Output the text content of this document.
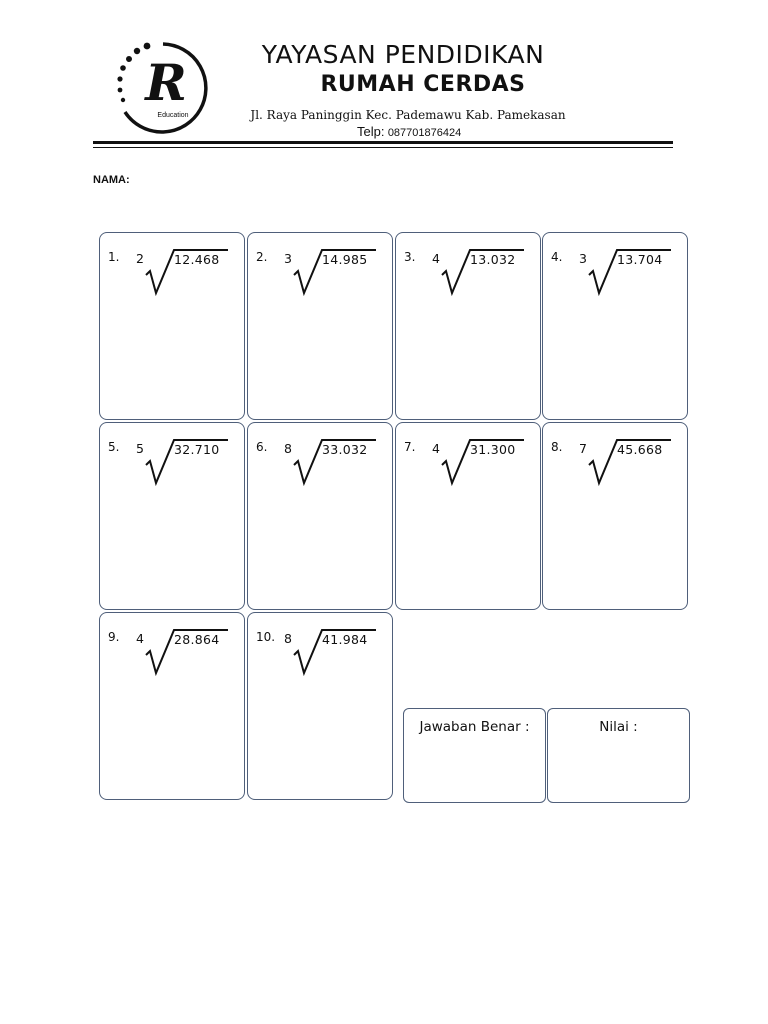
R
Education
YAYASAN PENDIDIKAN
RUMAH CERDAS
Jl. Raya Paninggin Kec. Pademawu Kab. Pamekasan
Telp: 087701876424
NAMA:
1. 2 12.468	2. 3 14.985	3. 4 13.032	4. 3 13.704
5. 5 32.710	6. 8 33.032	7. 4 31.300	8. 7 45.668
9. 4 28.864	10. 8 41.984
Jawaban Benar :	Nilai :
